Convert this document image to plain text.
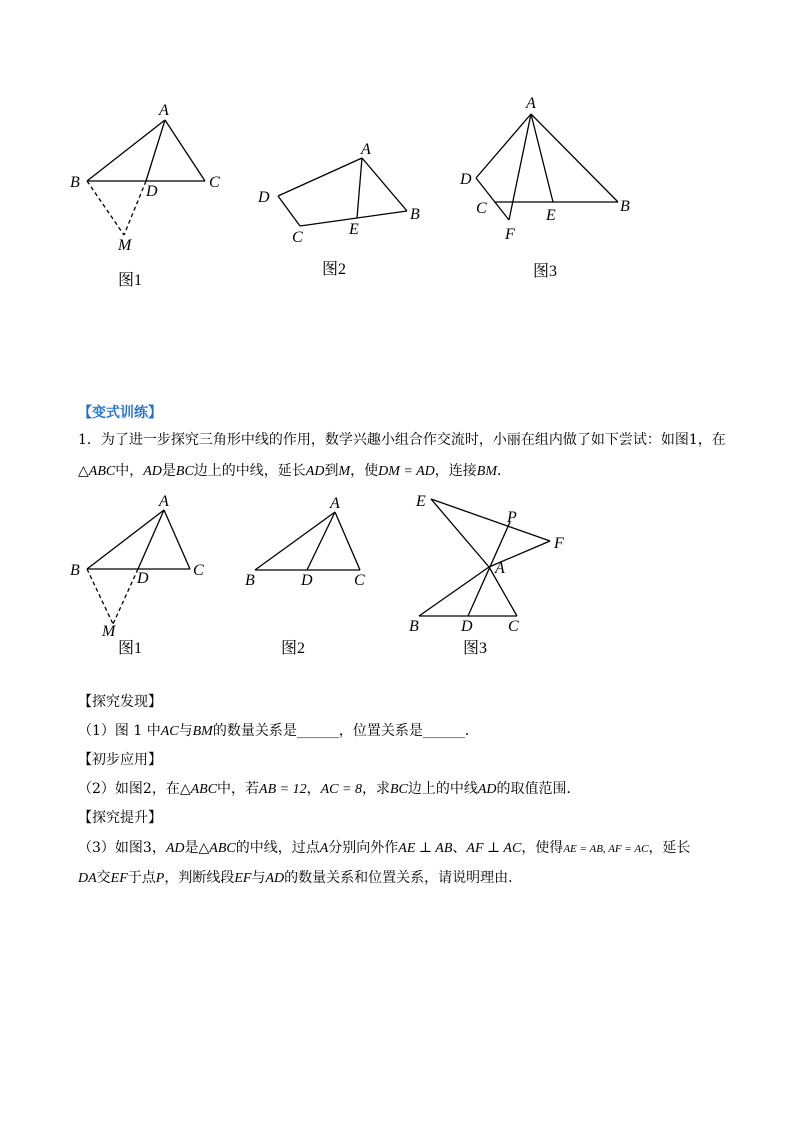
A
B	C
D
M
图1
A
D
C	E
B
图2
A
D
C	E
B
F
图3
【变式训练】
1．为了进一步探究三角形中线的作用，数学兴趣小组合作交流时，小丽在组内做了如下尝试：如图1，在
△ABC中，AD是BC边上的中线，延长AD到M，使DM = AD，连接BM．
A
B	C
D
M
图1
A
B	D	C
图2
E
P
F
A
B	D C
图3
【探究发现】
（1）图 1 中AC与BM的数量关系是______，位置关系是______．
【初步应用】
（2）如图2，在△ABC中，若AB = 12，AC = 8，求BC边上的中线AD的取值范围．
【探究提升】
（3）如图3，AD是△ABC的中线，过点A分别向外作AE ⊥ AB、AF ⊥ AC，使得AE = AB, AF = AC，延长
DA交EF于点P，判断线段EF与AD的数量关系和位置关系，请说明理由．
